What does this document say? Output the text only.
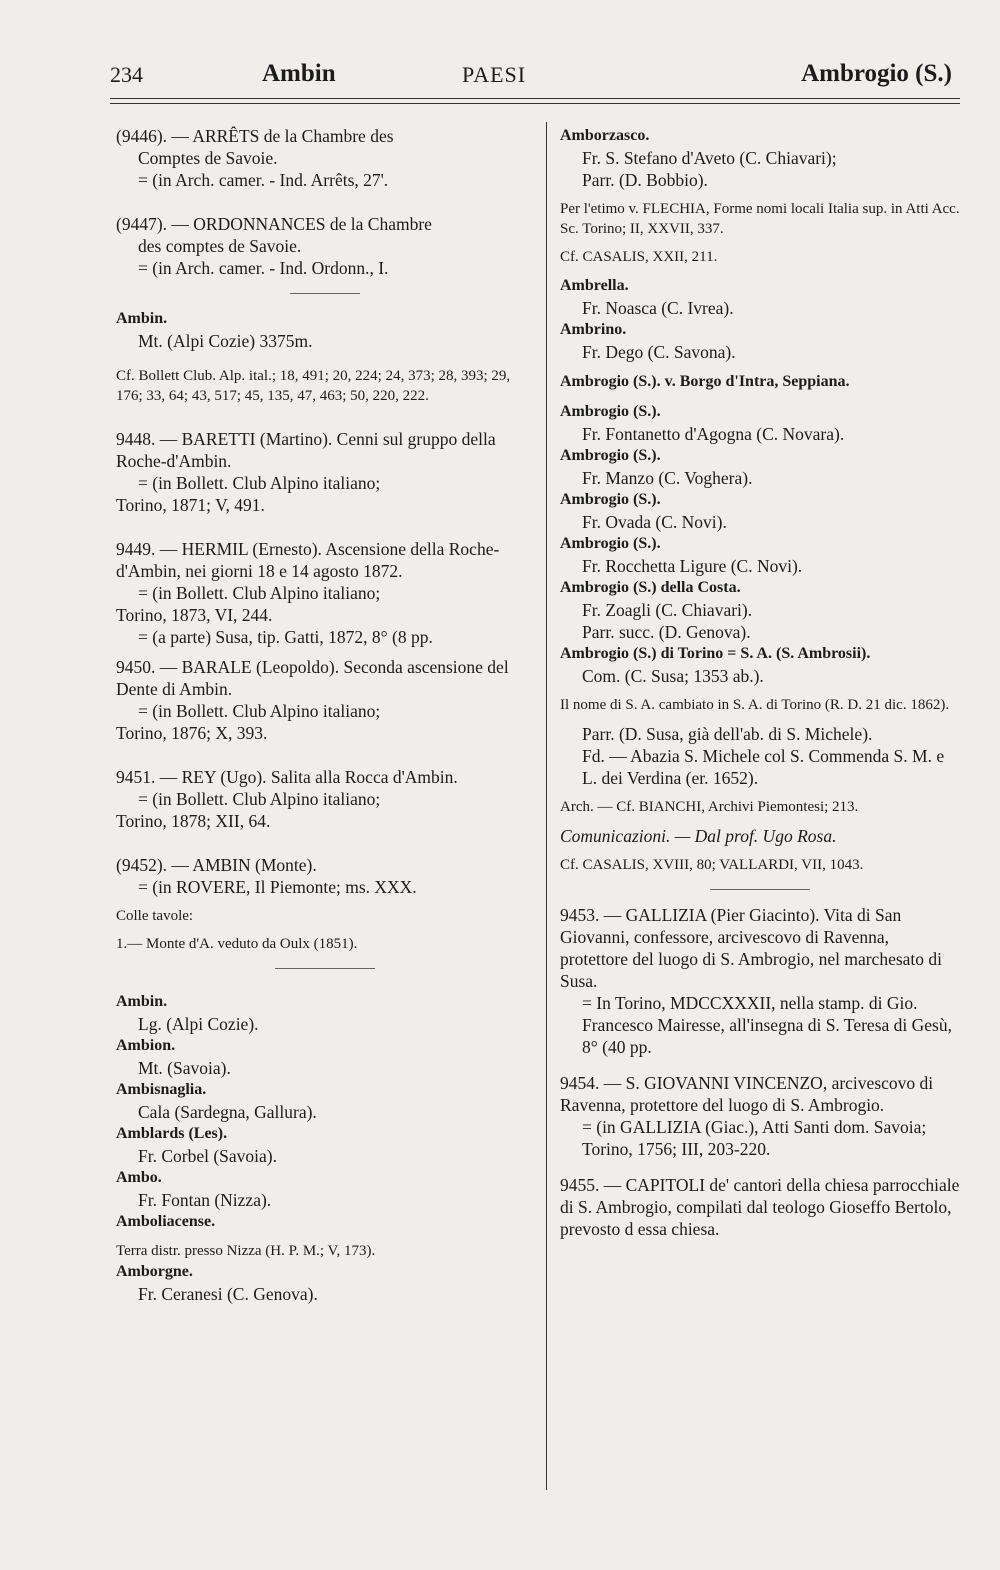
234	Ambin	PAESI	Ambrogio (S.)
(9446). — ARRÊTS de la Chambre des
Comptes de Savoie.
= (in Arch. camer. - Ind. Arrêts, 27'.
(9447). — ORDONNANCES de la Chambre
des comptes de Savoie.
= (in Arch. camer. - Ind. Ordonn., I.
Ambin.
Mt. (Alpi Cozie) 3375m.
Cf. Bollett Club. Alp. ital.; 18, 491; 20, 224; 24, 373; 28, 393; 29, 176; 33, 64; 43, 517; 45, 135, 47, 463; 50, 220, 222.
9448. — BARETTI (Martino). Cenni sul gruppo della Roche-d'Ambin.
= (in Bollett. Club Alpino italiano;
Torino, 1871; V, 491.
9449. — HERMIL (Ernesto). Ascensione della Roche-d'Ambin, nei giorni 18 e 14 agosto 1872.
= (in Bollett. Club Alpino italiano;
Torino, 1873, VI, 244.
= (a parte) Susa, tip. Gatti, 1872, 8° (8 pp.
9450. — BARALE (Leopoldo). Seconda ascensione del Dente di Ambin.
= (in Bollett. Club Alpino italiano;
Torino, 1876; X, 393.
9451. — REY (Ugo). Salita alla Rocca d'Ambin.
= (in Bollett. Club Alpino italiano;
Torino, 1878; XII, 64.
(9452). — AMBIN (Monte).
= (in ROVERE, Il Piemonte; ms. XXX.
Colle tavole:
1.— Monte d'A. veduto da Oulx (1851).
Ambin.
Lg. (Alpi Cozie).
Ambion.
Mt. (Savoia).
Ambisnaglia.
Cala (Sardegna, Gallura).
Amblards (Les).
Fr. Corbel (Savoia).
Ambo.
Fr. Fontan (Nizza).
Amboliacense.
Terra distr. presso Nizza (H. P. M.; V, 173).
Amborgne.
Fr. Ceranesi (C. Genova).
Amborzasco.
Fr. S. Stefano d'Aveto (C. Chiavari);
Parr. (D. Bobbio).
Per l'etimo v. FLECHIA, Forme nomi locali Italia sup. in Atti Acc. Sc. Torino; II, XXVII, 337.
Cf. CASALIS, XXII, 211.
Ambrella.
Fr. Noasca (C. Ivrea).
Ambrino.
Fr. Dego (C. Savona).
Ambrogio (S.). v. Borgo d'Intra, Seppiana.
Ambrogio (S.).
Fr. Fontanetto d'Agogna (C. Novara).
Ambrogio (S.).
Fr. Manzo (C. Voghera).
Ambrogio (S.).
Fr. Ovada (C. Novi).
Ambrogio (S.).
Fr. Rocchetta Ligure (C. Novi).
Ambrogio (S.) della Costa.
Fr. Zoagli (C. Chiavari).
Parr. succ. (D. Genova).
Ambrogio (S.) di Torino = S. A. (S. Ambrosii).
Com. (C. Susa; 1353 ab.).
Il nome di S. A. cambiato in S. A. di Torino (R. D. 21 dic. 1862).
Parr. (D. Susa, già dell'ab. di S. Michele).
Fd. — Abazia S. Michele col S. Commenda S. M. e L. dei Verdina (er. 1652).
Arch. — Cf. BIANCHI, Archivi Piemontesi; 213.
Comunicazioni. — Dal prof. Ugo Rosa.
Cf. CASALIS, XVIII, 80; VALLARDI, VII, 1043.
9453. — GALLIZIA (Pier Giacinto). Vita di San Giovanni, confessore, arcivescovo di Ravenna, protettore del luogo di S. Ambrogio, nel marchesato di Susa.
= In Torino, MDCCXXXII, nella stamp. di Gio. Francesco Mairesse, all'insegna di S. Teresa di Gesù, 8° (40 pp.
9454. — S. GIOVANNI VINCENZO, arcivescovo di Ravenna, protettore del luogo di S. Ambrogio.
= (in GALLIZIA (Giac.), Atti Santi dom. Savoia; Torino, 1756; III, 203-220.
9455. — CAPITOLI de' cantori della chiesa parrocchiale di S. Ambrogio, compilati dal teologo Gioseffo Bertolo, prevosto d essa chiesa.
